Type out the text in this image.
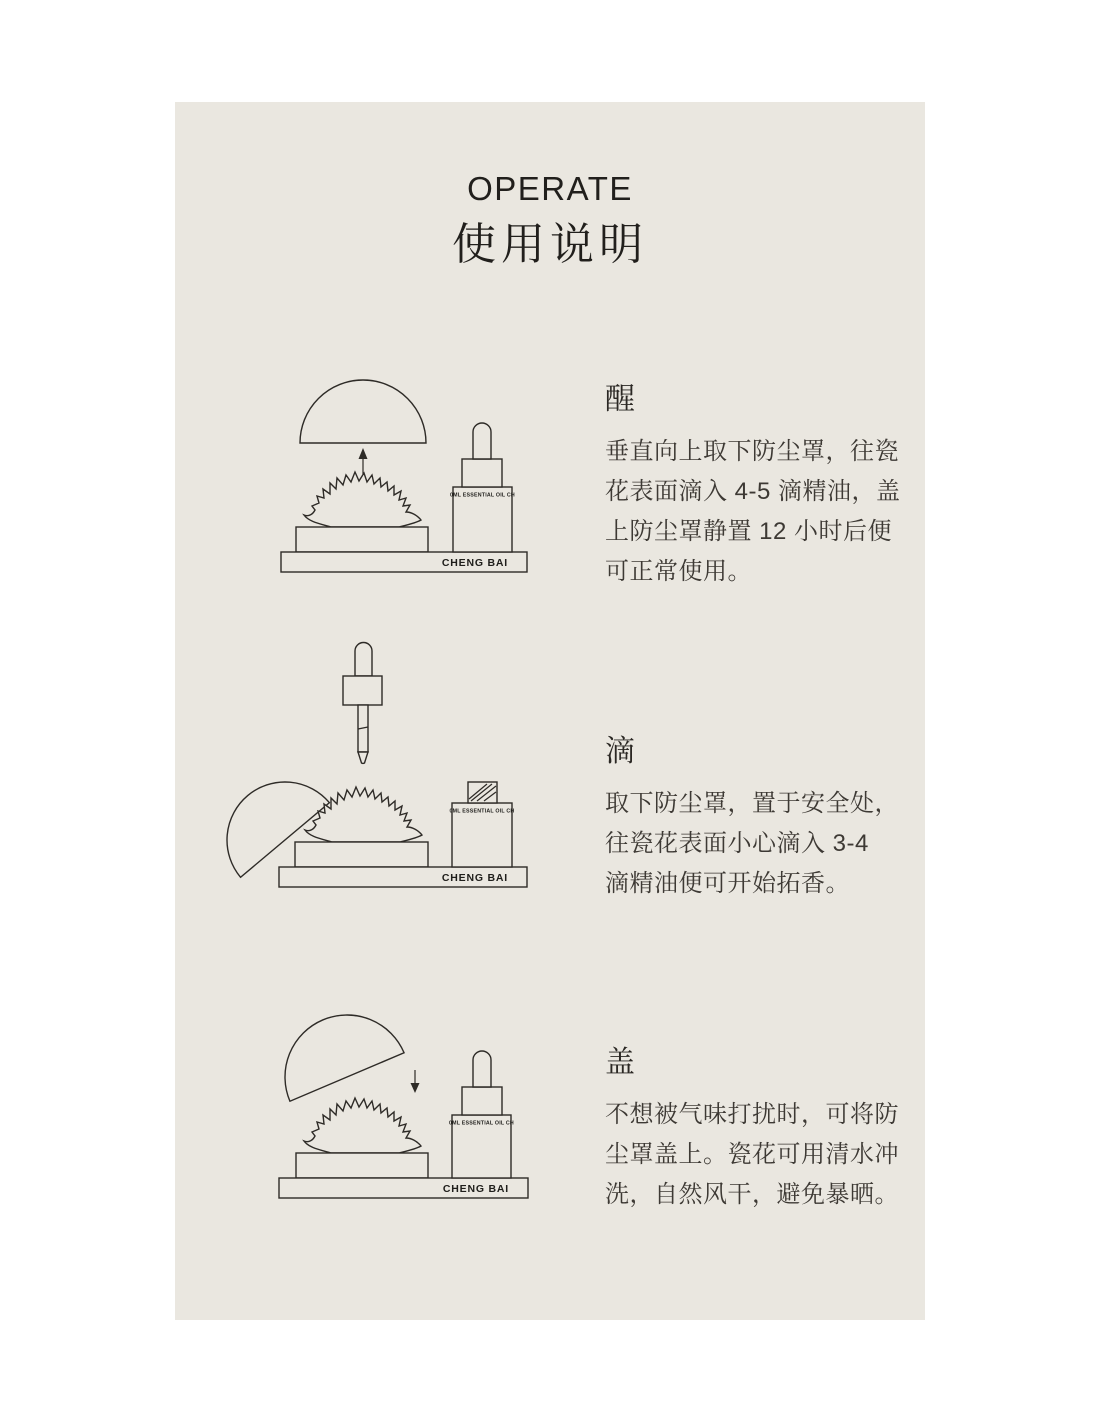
OPERATE
使用说明
CHENG BAI
0ML ESSENTIAL OIL CH
醒
垂直向上取下防尘罩，往瓷
花表面滴入 4-5 滴精油，盖
上防尘罩静置 12 小时后便
可正常使用。
CHENG BAI
0ML ESSENTIAL OIL CH
滴
取下防尘罩，置于安全处，
往瓷花表面小心滴入 3-4
滴精油便可开始拓香。
CHENG BAI
0ML ESSENTIAL OIL CH
盖
不想被气味打扰时，可将防
尘罩盖上。瓷花可用清水冲
洗，自然风干，避免暴晒。
